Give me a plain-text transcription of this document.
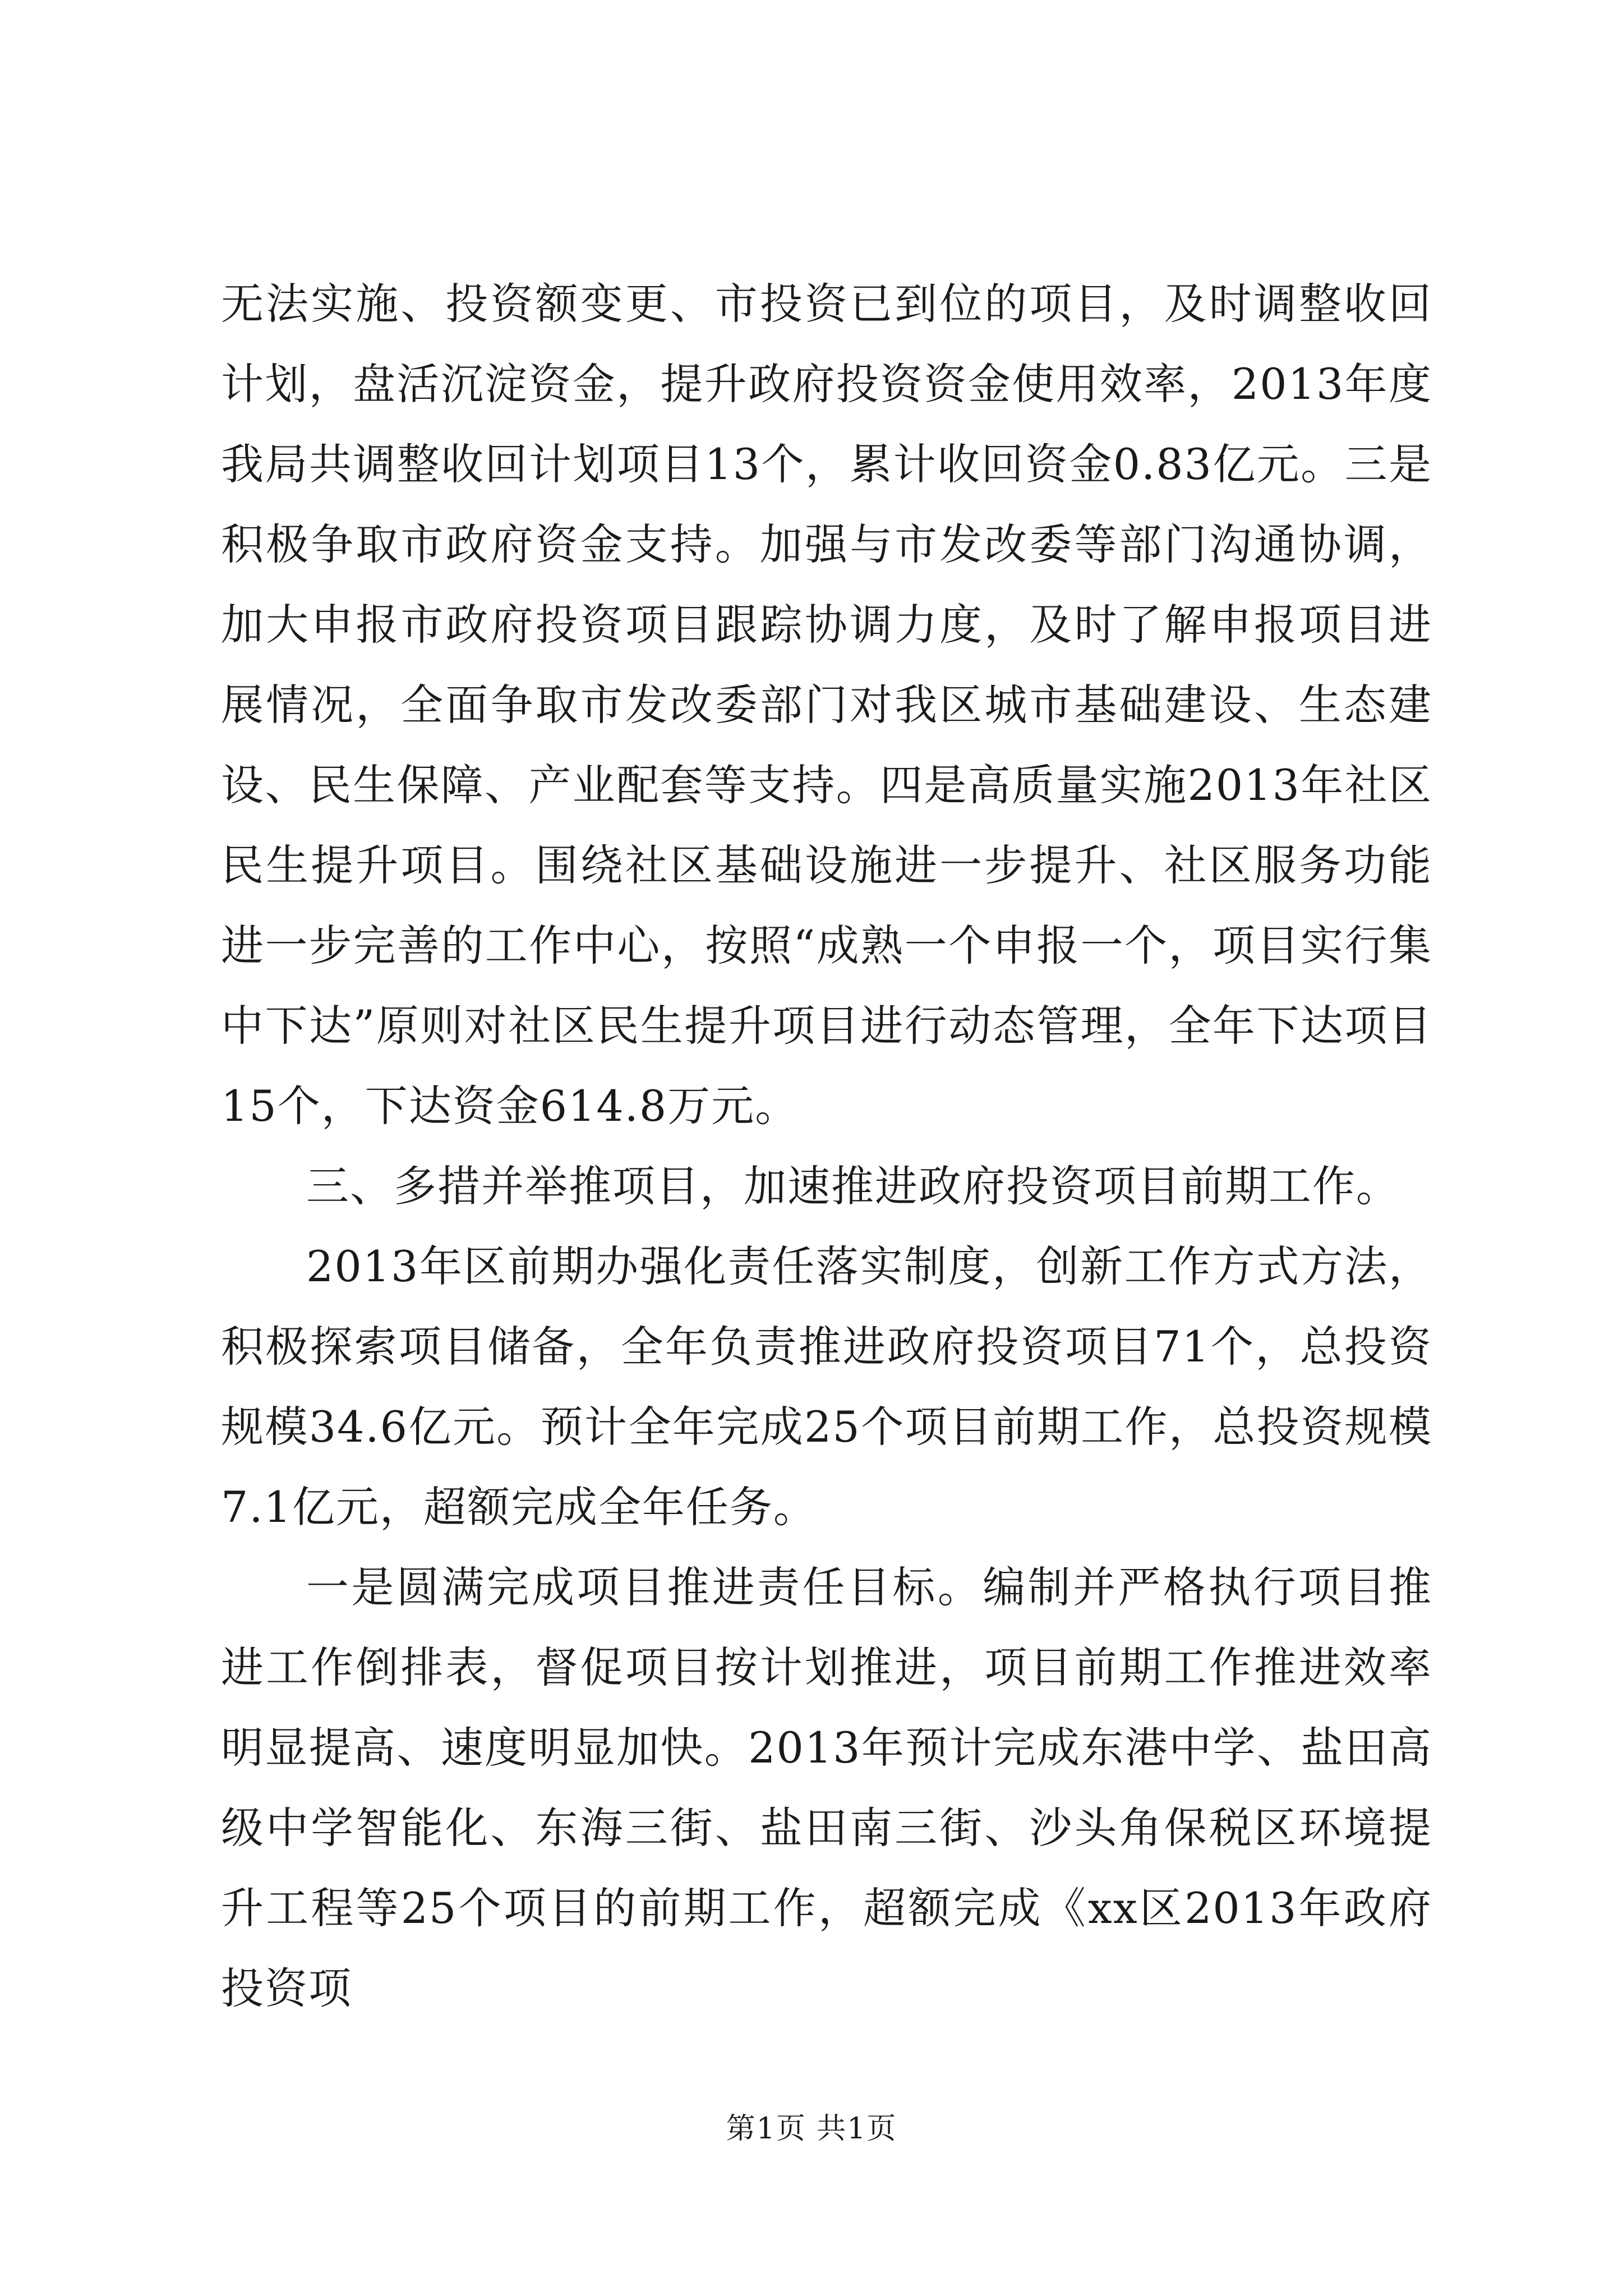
无法实施、投资额变更、市投资已到位的项目，及时调整收回计划，盘活沉淀资金，提升政府投资资金使用效率，2013年度我局共调整收回计划项目13个，累计收回资金0.83亿元。三是积极争取市政府资金支持。加强与市发改委等部门沟通协调，加大申报市政府投资项目跟踪协调力度，及时了解申报项目进展情况，全面争取市发改委部门对我区城市基础建设、生态建设、民生保障、产业配套等支持。四是高质量实施2013年社区民生提升项目。围绕社区基础设施进一步提升、社区服务功能进一步完善的工作中心，按照“成熟一个申报一个，项目实行集中下达”原则对社区民生提升项目进行动态管理，全年下达项目15个，下达资金614.8万元。

三、多措并举推项目，加速推进政府投资项目前期工作。

2013年区前期办强化责任落实制度，创新工作方式方法，积极探索项目储备，全年负责推进政府投资项目71个，总投资规模34.6亿元。预计全年完成25个项目前期工作，总投资规模7.1亿元，超额完成全年任务。

一是圆满完成项目推进责任目标。编制并严格执行项目推进工作倒排表，督促项目按计划推进，项目前期工作推进效率明显提高、速度明显加快。2013年预计完成东港中学、盐田高级中学智能化、东海三街、盐田南三街、沙头角保税区环境提升工程等25个项目的前期工作，超额完成《xx区2013年政府投资项

第1页 共1页
